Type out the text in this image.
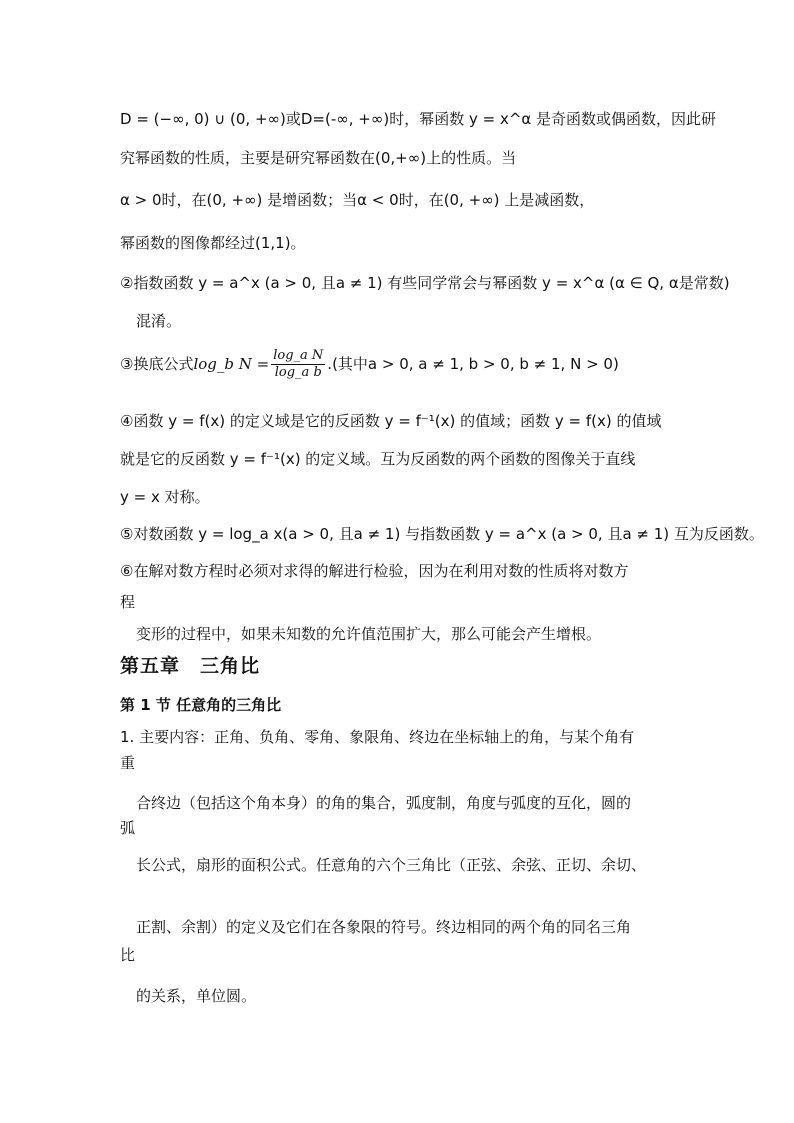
D = (−∞, 0) ∪ (0, +∞)或D=(-∞, +∞)时，幂函数 y = x^α 是奇函数或偶函数，因此研
究幂函数的性质，主要是研究幂函数在(0,+∞)上的性质。当
α > 0时，在(0, +∞) 是增函数；当α < 0时，在(0, +∞) 上是减函数，
幂函数的图像都经过(1,1)。
②指数函数 y = a^x (a > 0, 且a ≠ 1) 有些同学常会与幂函数 y = x^α (α ∈ Q, α是常数)
混淆。
③换底公式log_b $N = \frac{\text{log\_a N}}{\text{log\_a b}}$ .(其中a > 0, a ≠ 1, b > 0, b ≠ 1, N > 0)
④函数 y = f(x) 的定义域是它的反函数 y = f⁻¹(x) 的值域；函数 y = f(x) 的值域
就是它的反函数 y = f⁻¹(x) 的定义域。互为反函数的两个函数的图像关于直线
y = x 对称。
⑤对数函数 y = log_a x(a > 0, 且a ≠ 1) 与指数函数 y = a^x (a > 0, 且a ≠ 1) 互为反函数。
⑥在解对数方程时必须对求得的解进行检验，因为在利用对数的性质将对数方
程
变形的过程中，如果未知数的允许值范围扩大，那么可能会产生增根。
第五章　三角比
第 1 节 任意角的三角比
1. 主要内容：正角、负角、零角、象限角、终边在坐标轴上的角，与某个角有
重
合终边（包括这个角本身）的角的集合，弧度制，角度与弧度的互化，圆的
弧
长公式，扇形的面积公式。任意角的六个三角比（正弦、余弦、正切、余切、
正割、余割）的定义及它们在各象限的符号。终边相同的两个角的同名三角
比
的关系，单位圆。
